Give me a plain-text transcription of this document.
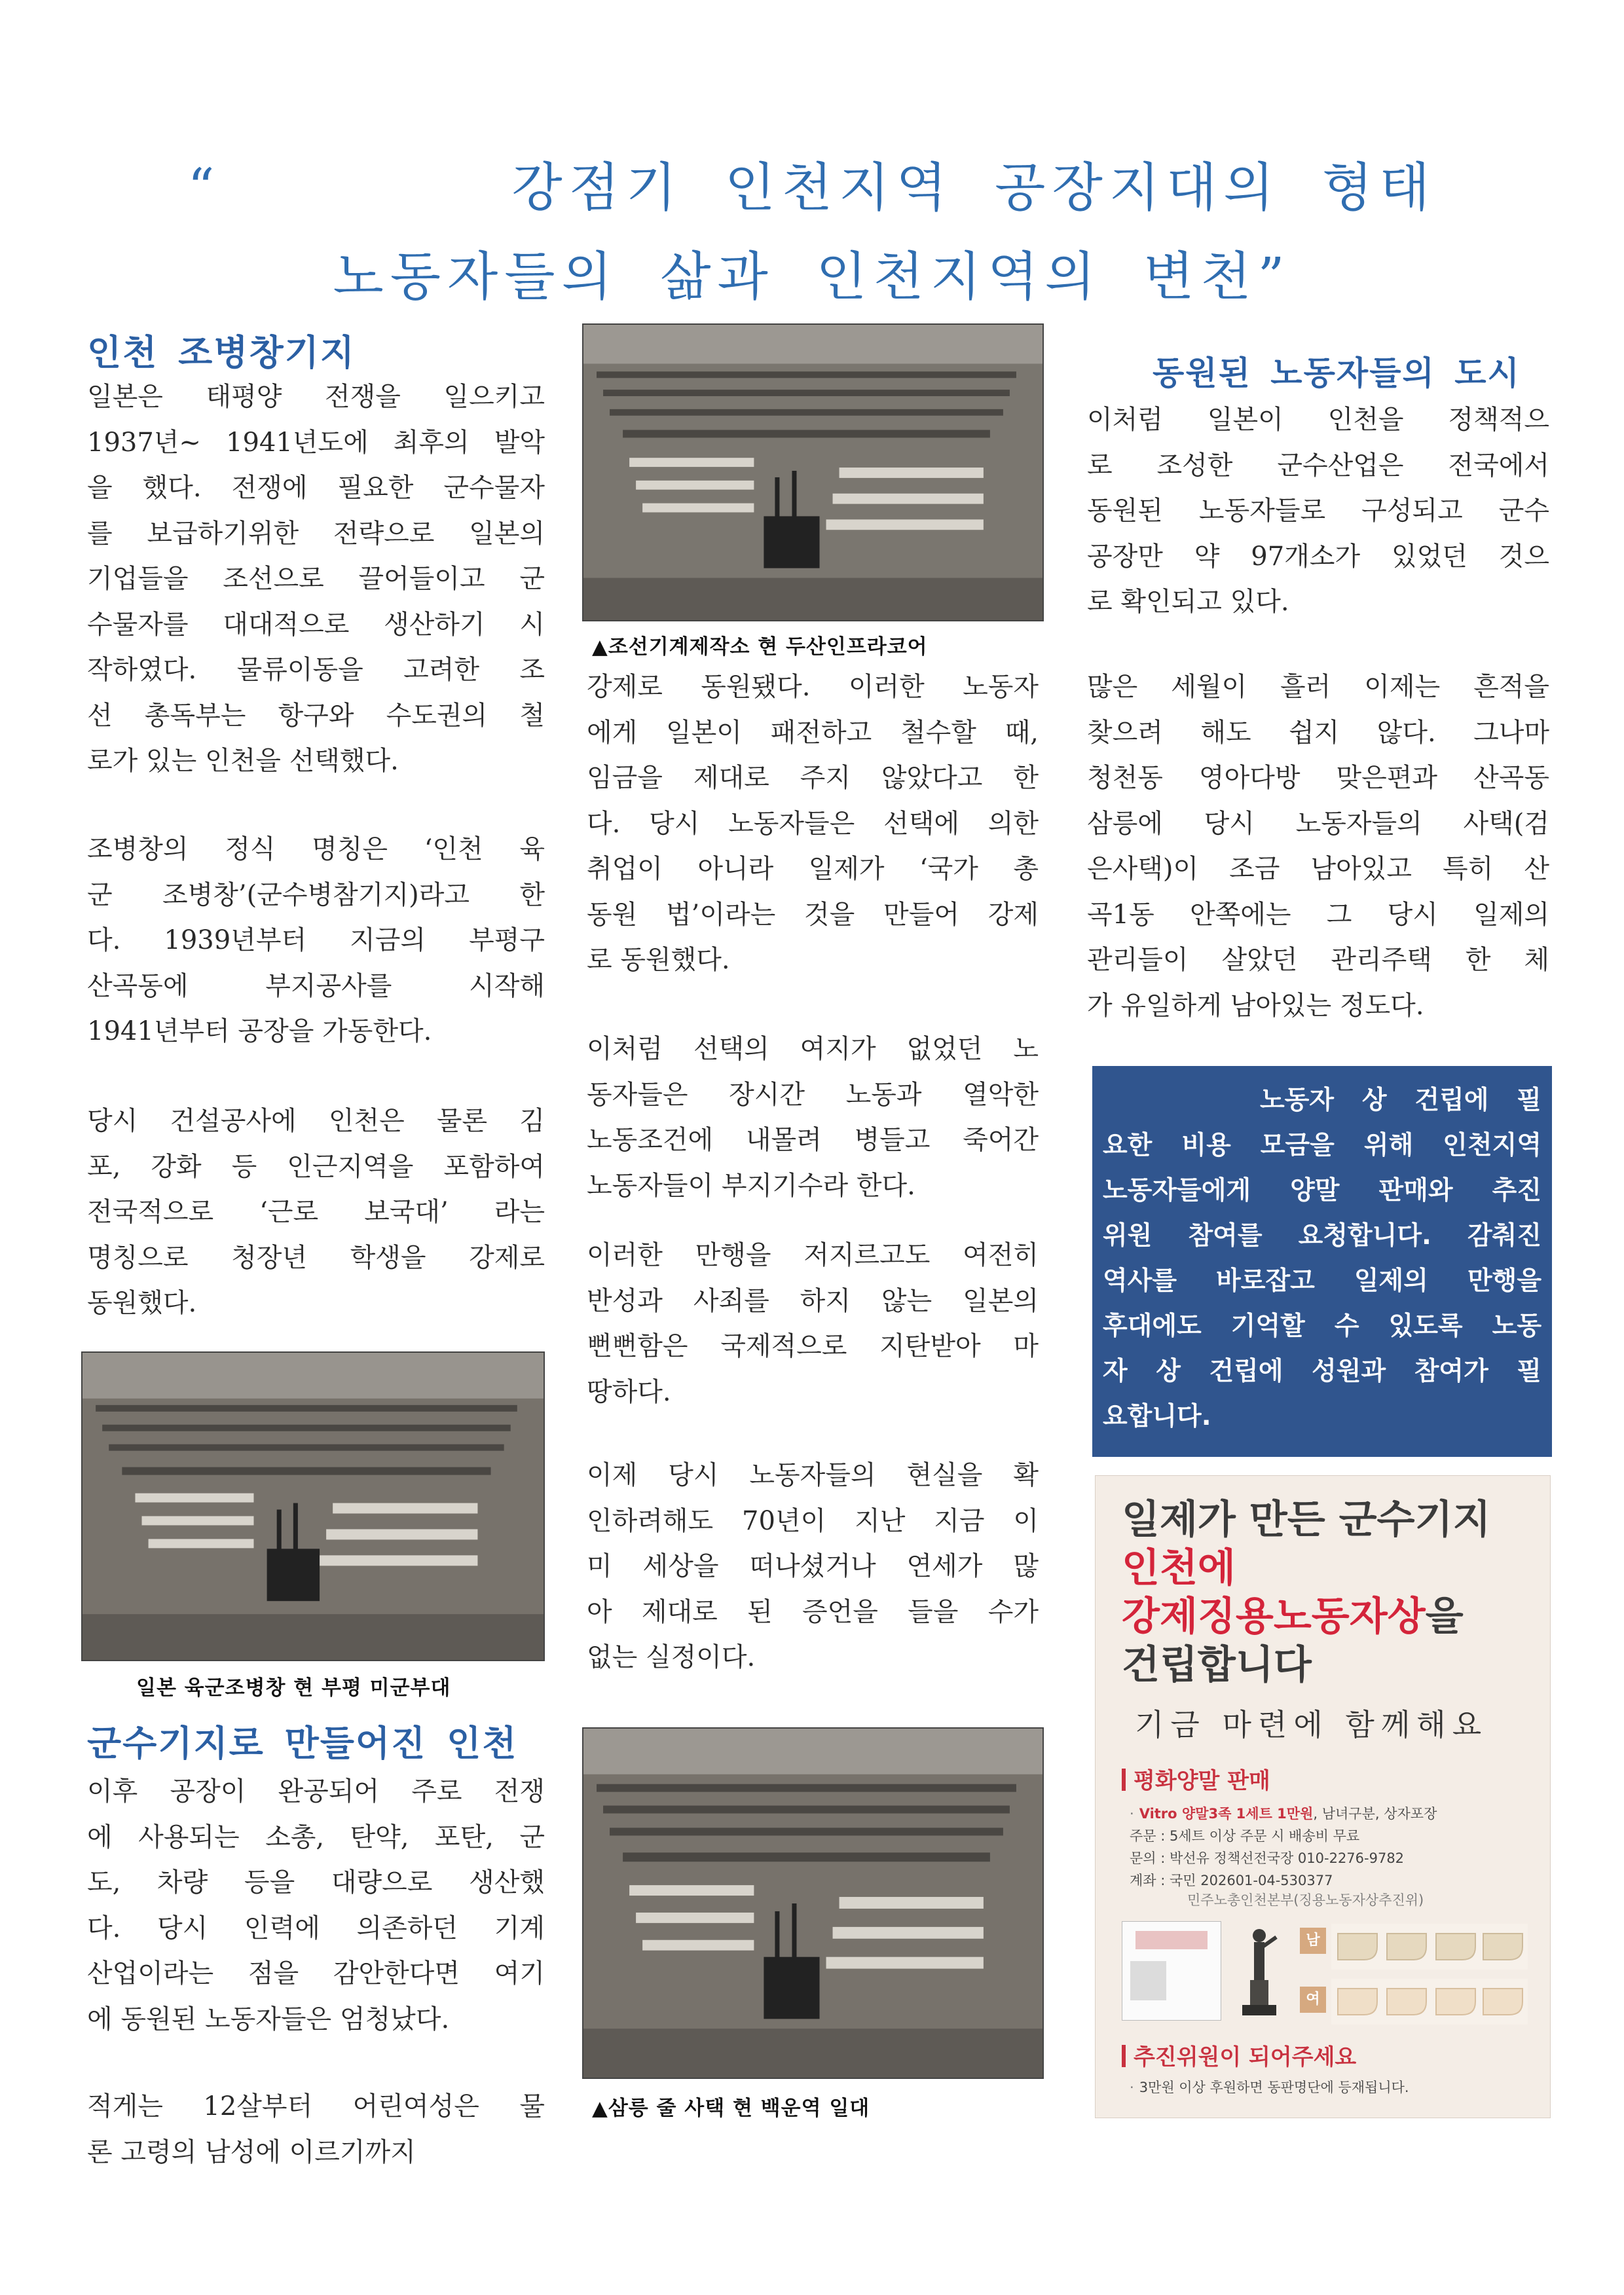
“       강점기 인천지역 공장지대의 형태
노동자들의 삶과 인천지역의 변천”
인천 조병창기지
일본은 태평양 전쟁을 일으키고
1937년~ 1941년도에 최후의 발악
을 했다. 전쟁에 필요한 군수물자
를 보급하기위한 전략으로 일본의
기업들을 조선으로 끌어들이고 군
수물자를 대대적으로 생산하기 시
작하였다. 물류이동을 고려한 조
선 총독부는 항구와 수도권의 철
로가 있는 인천을 선택했다.
조병창의 정식 명칭은 ‘인천 육
군 조병창’(군수병참기지)라고 한
다. 1939년부터 지금의 부평구
산곡동에 부지공사를 시작해
1941년부터 공장을 가동한다.
당시 건설공사에 인천은 물론 김
포, 강화 등 인근지역을 포함하여
전국적으로 ‘근로 보국대’ 라는
명칭으로 청장년 학생을 강제로
동원했다.
일본 육군조병창 현 부평 미군부대
군수기지로 만들어진 인천
이후 공장이 완공되어 주로 전쟁
에 사용되는 소총, 탄약, 포탄, 군
도, 차량 등을 대량으로 생산했
다. 당시 인력에 의존하던 기계
산업이라는 점을 감안한다면 여기
에 동원된 노동자들은 엄청났다.
적게는 12살부터 어린여성은 물
론 고령의 남성에 이르기까지
▲조선기계제작소 현 두산인프라코어
강제로 동원됐다. 이러한 노동자
에게 일본이 패전하고 철수할 때,
임금을 제대로 주지 않았다고 한
다. 당시 노동자들은 선택에 의한
취업이 아니라 일제가 ‘국가 총
동원 법’이라는 것을 만들어 강제
로 동원했다.
이처럼 선택의 여지가 없었던 노
동자들은 장시간 노동과 열악한
노동조건에 내몰려 병들고 죽어간
노동자들이 부지기수라 한다.
이러한 만행을 저지르고도 여전히
반성과 사죄를 하지 않는 일본의
뻔뻔함은 국제적으로 지탄받아 마
땅하다.
이제 당시 노동자들의 현실을 확
인하려해도 70년이 지난 지금 이
미 세상을 떠나셨거나 연세가 많
아 제대로 된 증언을 들을 수가
없는 실정이다.
▲삼릉 줄 사택 현 백운역 일대
동원된 노동자들의 도시
이처럼 일본이 인천을 정책적으
로 조성한 군수산업은 전국에서
동원된 노동자들로 구성되고 군수
공장만 약 97개소가 있었던 것으
로 확인되고 있다.
많은 세월이 흘러 이제는 흔적을
찾으려 해도 쉽지 않다. 그나마
청천동 영아다방 맞은편과 산곡동
삼릉에 당시 노동자들의 사택(검
은사택)이 조금 남아있고 특히 산
곡1동 안쪽에는 그 당시 일제의
관리들이 살았던 관리주택 한 체
가 유일하게 남아있는 정도다.
노동자 상 건립에 필
요한 비용 모금을 위해 인천지역
노동자들에게 양말 판매와 추진
위원 참여를 요청합니다. 감춰진
역사를 바로잡고 일제의 만행을
후대에도 기억할 수 있도록 노동
자 상 건립에 성원과 참여가 필
요합니다.
일제가 만든 군수기지
인천에
강제징용노동자상을
건립합니다
기금 마련에 함께해요
평화양말 판매
· Vitro 양말3족 1세트 1만원, 남녀구분, 상자포장
주문 : 5세트 이상 주문 시 배송비 무료
문의 : 박선유 정책선전국장 010-2276-9782
계좌 : 국민 202601-04-530377
민주노총인천본부(징용노동자상추진위)
남
여
추진위원이 되어주세요
· 3만원 이상 후원하면 동판명단에 등재됩니다.
